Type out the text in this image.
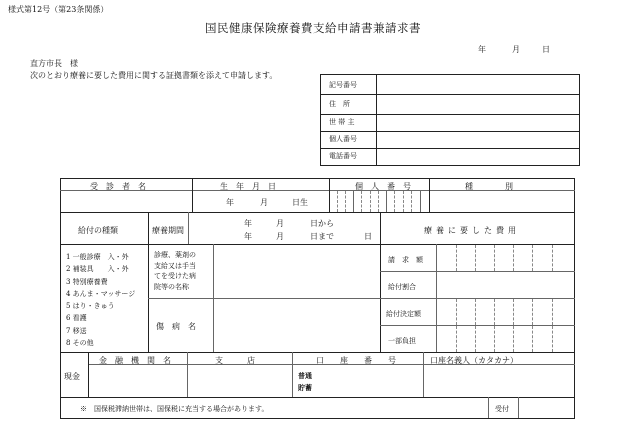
様式第12号（第23条関係）
国民健康保険療養費支給申請書兼請求書
年	月	日
直方市長　様
次のとおり療養に要した費用に関する証拠書類を添えて申請します。
記号番号
住　所
世 帯 主
個人番号
電話番号
受　診　者　名	生　年　月　日	個　人　番　号	種　　　　別
年	月	日生
給付の種類	療養期間
年	月	日から
年	月	日まで	日
療養に要した費用
1 一般診療　入・外
2 補装具　　入・外
3 特別療養費
4 あんま・マッサージ
5 はり・きゅう
6 看護
7 移送
8 その他
診療、薬剤の
支給又は手当
てを受けた病
院等の名称
傷　病　名
請　求　額
給付割合
給付決定額
一部負担
現金
金　融　機　関　名	支　　　店	口　　座　　番　　号	口座名義人（カタカナ）
普通
貯蓄
※　国保税滞納世帯は、国保税に充当する場合があります。	受付
